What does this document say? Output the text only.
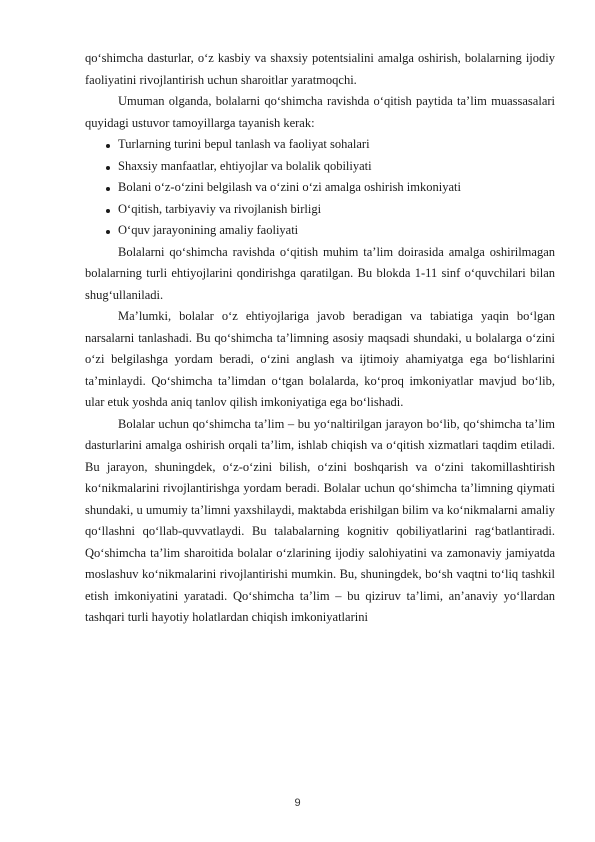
qo‘shimcha dasturlar, o‘z kasbiy va shaxsiy potentsialini amalga oshirish, bolalarning ijodiy faoliyatini rivojlantirish uchun sharoitlar yaratmoqchi.

Umuman olganda, bolalarni qo‘shimcha ravishda o‘qitish paytida ta’lim muassasalari quyidagi ustuvor tamoyillarga tayanish kerak:

Turlarning turini bepul tanlash va faoliyat sohalari
Shaxsiy manfaatlar, ehtiyojlar va bolalik qobiliyati
Bolani o‘z-o‘zini belgilash va o‘zini o‘zi amalga oshirish imkoniyati
O‘qitish, tarbiyaviy va rivojlanish birligi
O‘quv jarayonining amaliy faoliyati

Bolalarni qo‘shimcha ravishda o‘qitish muhim ta’lim doirasida amalga oshirilmagan bolalarning turli ehtiyojlarini qondirishga qaratilgan. Bu blokda 1-11 sinf o‘quvchilari bilan shug‘ullaniladi.

Ma’lumki, bolalar o‘z ehtiyojlariga javob beradigan va tabiatiga yaqin bo‘lgan narsalarni tanlashadi. Bu qo‘shimcha ta’limning asosiy maqsadi shundaki, u bolalarga o‘zini o‘zi belgilashga yordam beradi, o‘zini anglash va ijtimoiy ahamiyatga ega bo‘lishlarini ta’minlaydi. Qo‘shimcha ta’limdan o‘tgan bolalarda, ko‘proq imkoniyatlar mavjud bo‘lib, ular etuk yoshda aniq tanlov qilish imkoniyatiga ega bo‘lishadi.

Bolalar uchun qo‘shimcha ta’lim – bu yo‘naltirilgan jarayon bo‘lib, qo‘shimcha ta’lim dasturlarini amalga oshirish orqali ta’lim, ishlab chiqish va o‘qitish xizmatlari taqdim etiladi. Bu jarayon, shuningdek, o‘z-o‘zini bilish, o‘zini boshqarish va o‘zini takomillashtirish ko‘nikmalarini rivojlantirishga yordam beradi. Bolalar uchun qo‘shimcha ta’limning qiymati shundaki, u umumiy ta’limni yaxshilaydi, maktabda erishilgan bilim va ko‘nikmalarni amaliy qo‘llashni qo‘llab-quvvatlaydi. Bu talabalarning kognitiv qobiliyatlarini rag‘batlantiradi. Qo‘shimcha ta’lim sharoitida bolalar o‘zlarining ijodiy salohiyatini va zamonaviy jamiyatda moslashuv ko‘nikmalarini rivojlantirishi mumkin. Bu, shuningdek, bo‘sh vaqtni to‘liq tashkil etish imkoniyatini yaratadi. Qo‘shimcha ta’lim – bu qiziruv ta’limi, an’anaviy yo‘llardan tashqari turli hayotiy holatlardan chiqish imkoniyatlarini

9
